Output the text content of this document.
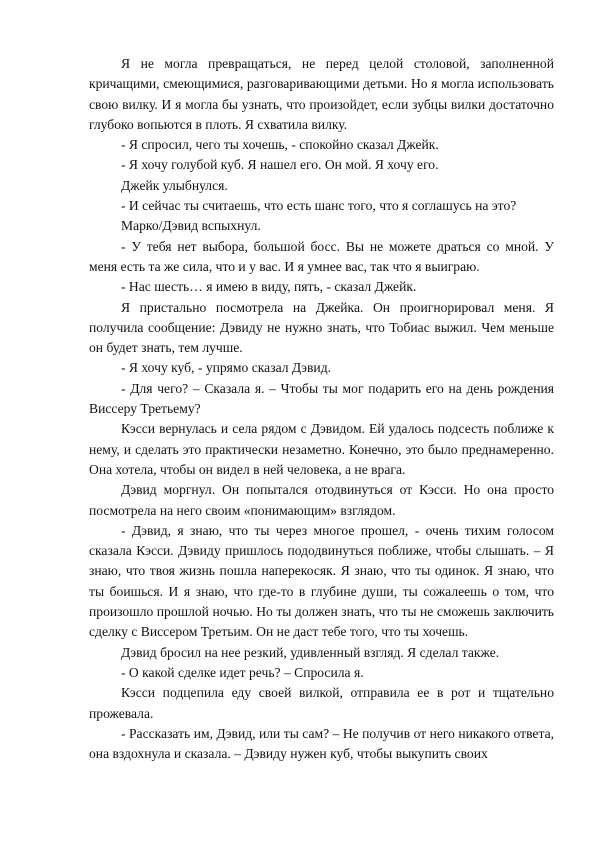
Я не могла превращаться, не перед целой столовой, заполненной кричащими, смеющимися, разговаривающими детьми. Но я могла использовать свою вилку. И я могла бы узнать, что произойдет, если зубцы вилки достаточно глубоко вопьются в плоть. Я схватила вилку.

- Я спросил, чего ты хочешь, - спокойно сказал Джейк.

- Я хочу голубой куб. Я нашел его. Он мой. Я хочу его.

Джейк улыбнулся.

- И сейчас ты считаешь, что есть шанс того, что я соглашусь на это?

Марко/Дэвид вспыхнул.

- У тебя нет выбора, большой босс. Вы не можете драться со мной. У меня есть та же сила, что и у вас. И я умнее вас, так что я выиграю.

- Нас шесть… я имею в виду, пять, - сказал Джейк.

Я пристально посмотрела на Джейка. Он проигнорировал меня. Я получила сообщение: Дэвиду не нужно знать, что Тобиас выжил. Чем меньше он будет знать, тем лучше.

- Я хочу куб, - упрямо сказал Дэвид.

- Для чего? – Сказала я. – Чтобы ты мог подарить его на день рождения Виссеру Третьему?

Кэсси вернулась и села рядом с Дэвидом. Ей удалось подсесть поближе к нему, и сделать это практически незаметно. Конечно, это было преднамеренно. Она хотела, чтобы он видел в ней человека, а не врага.

Дэвид моргнул. Он попытался отодвинуться от Кэсси. Но она просто посмотрела на него своим «понимающим» взглядом.

- Дэвид, я знаю, что ты через многое прошел, - очень тихим голосом сказала Кэсси. Дэвиду пришлось пододвинуться поближе, чтобы слышать. – Я знаю, что твоя жизнь пошла наперекосяк. Я знаю, что ты одинок. Я знаю, что ты боишься. И я знаю, что где-то в глубине души, ты сожалеешь о том, что произошло прошлой ночью. Но ты должен знать, что ты не сможешь заключить сделку с Виссером Третьим. Он не даст тебе того, что ты хочешь.

Дэвид бросил на нее резкий, удивленный взгляд. Я сделал также.

- О какой сделке идет речь? – Спросила я.

Кэсси подцепила еду своей вилкой, отправила ее в рот и тщательно прожевала.

- Рассказать им, Дэвид, или ты сам? – Не получив от него никакого ответа, она вздохнула и сказала. – Дэвиду нужен куб, чтобы выкупить своих
